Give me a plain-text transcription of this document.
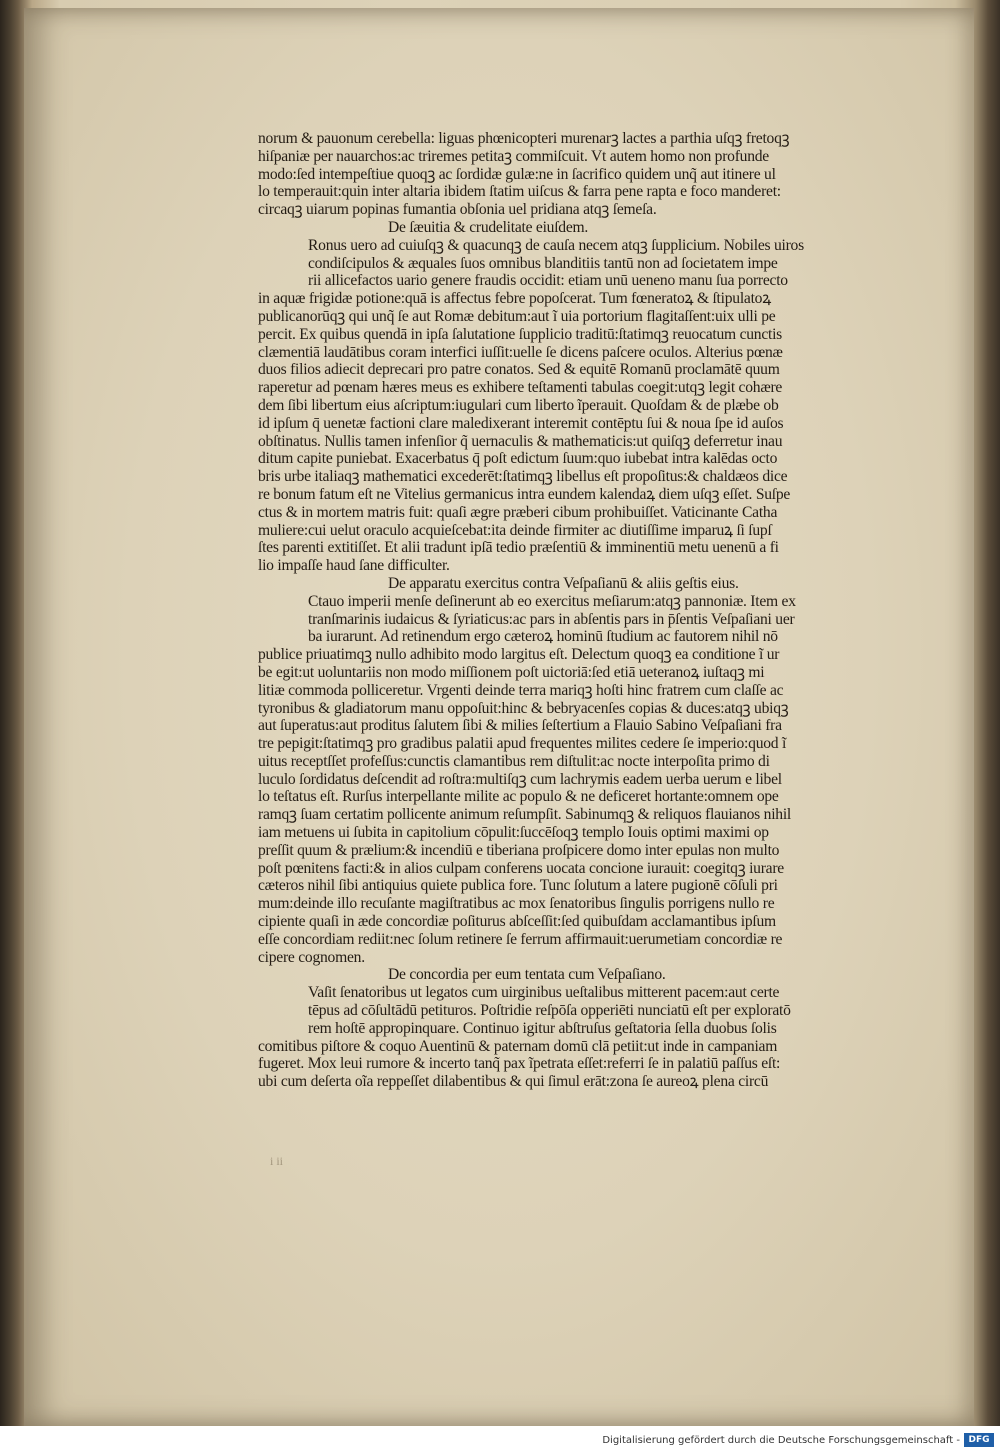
norum & pauonum cerebella: liguas phœnicopteri murenarꝫ lactes a parthia uſqꝫ fretoqꝫ
hiſpaniæ per nauarchos:ac triremes petitaꝫ commiſcuit. Vt autem homo non profunde
modo:ſed intempeſtiue quoqꝫ ac ſordidæ gulæ:ne in ſacrifico quidem unq̃ aut itinere ul
lo temperauit:quin inter altaria ibidem ſtatim uiſcus & farra pene rapta e foco manderet:
circaqꝫ uiarum popinas fumantia obſonia uel pridiana atqꝫ ſemeſa.
De ſæuitia & crudelitate eiuſdem.
Ronus uero ad cuiuſqꝫ & quacunqꝫ de cauſa necem atqꝫ ſupplicium. Nobiles uiros
condiſcipulos & æquales ſuos omnibus blanditiis tantū non ad ſocietatem impe
rii allicefactos uario genere fraudis occidit: etiam unū ueneno manu ſua porrecto
in aquæ frigidæ potione:quā is affectus febre popoſcerat. Tum fœneratoꝝ & ſtipulatoꝝ
publicanorūqꝫ qui unq̃ ſe aut Romæ debitum:aut ĩ uia portorium flagitaſſent:uix ulli pe
percit. Ex quibus quendā in ipſa ſalutatione ſupplicio traditū:ſtatimqꝫ reuocatum cunctis
clæmentiā laudātibus coram interfici iuſſit:uelle ſe dicens paſcere oculos. Alterius pœnæ
duos filios adiecit deprecari pro patre conatos. Sed & equitē Romanū proclamātē quum
raperetur ad pœnam hæres meus es exhibere teſtamenti tabulas coegit:utqꝫ legit cohære
dem ſibi libertum eius aſcriptum:iugulari cum liberto ĩperauit. Quoſdam & de plæbe ob
id ipſum q̄ uenetæ factioni clare maledixerant interemit contēptu ſui & noua ſpe id auſos
obſtinatus. Nullis tamen infenſior q̃ uernaculis & mathematicis:ut quiſqꝫ deferretur inau
ditum capite puniebat. Exacerbatus q̄ poſt edictum ſuum:quo iubebat intra kalēdas octo
bris urbe italiaqꝫ mathematici excederēt:ſtatimqꝫ libellus eſt propoſitus:& chaldæos dice
re bonum fatum eſt ne Vitelius germanicus intra eundem kalendaꝝ diem uſqꝫ eſſet. Suſpe
ctus & in mortem matris fuit: quaſi ægre præberi cibum prohibuiſſet. Vaticinante Catha
muliere:cui uelut oraculo acquieſcebat:ita deinde firmiter ac diutiſſime imparuꝝ ſi ſupſ
ſtes parenti extitiſſet. Et alii tradunt ipſā tedio præſentiū & imminentiū metu uenenū a fi
lio impaſſe haud ſane difficulter.
De apparatu exercitus contra Veſpaſianū & aliis geſtis eius.
Ctauo imperii menſe deſinerunt ab eo exercitus meſiarum:atqꝫ pannoniæ. Item ex
tranſmarinis iudaicus & ſyriaticus:ac pars in abſentis pars in p̄ſentis Veſpaſiani uer
ba iurarunt. Ad retinendum ergo cæteroꝝ hominū ſtudium ac fautorem nihil nō
publice priuatimqꝫ nullo adhibito modo largitus eſt. Delectum quoqꝫ ea conditione ĩ ur
be egit:ut uoluntariis non modo miſſionem poſt uictoriā:ſed etiā ueteranoꝝ iuſtaqꝫ mi
litiæ commoda polliceretur. Vrgenti deinde terra mariqꝫ hoſti hinc fratrem cum claſſe ac
tyronibus & gladiatorum manu oppoſuit:hinc & bebryacenſes copias & duces:atqꝫ ubiqꝫ
aut ſuperatus:aut proditus ſalutem ſibi & milies ſeſtertium a Flauio Sabino Veſpaſiani fra
tre pepigit:ſtatimqꝫ pro gradibus palatii apud frequentes milites cedere ſe imperio:quod ĩ
uitus receptſſet profeſſus:cunctis clamantibus rem diſtulit:ac nocte interpoſita primo di
luculo ſordidatus deſcendit ad roſtra:multiſqꝫ cum lachrymis eadem uerba uerum e libel
lo teſtatus eſt. Rurſus interpellante milite ac populo & ne deficeret hortante:omnem ope
ramqꝫ ſuam certatim pollicente animum reſumpſit. Sabinumqꝫ & reliquos flauianos nihil
iam metuens ui ſubita in capitolium cōpulit:ſuccēſoqꝫ templo Iouis optimi maximi op
preſſit quum & prælium:& incendiū e tiberiana proſpicere domo inter epulas non multo
poſt pœnitens facti:& in alios culpam conferens uocata concione iurauit: coegitqꝫ iurare
cæteros nihil ſibi antiquius quiete publica fore. Tunc ſolutum a latere pugionē cōſuli pri
mum:deinde illo recuſante magiſtratibus ac mox ſenatoribus ſingulis porrigens nullo re
cipiente quaſi in æde concordiæ poſiturus abſceſſit:ſed quibuſdam acclamantibus ipſum
eſſe concordiam rediit:nec ſolum retinere ſe ferrum affirmauit:uerumetiam concordiæ re
cipere cognomen.
De concordia per eum tentata cum Veſpaſiano.
Vaſit ſenatoribus ut legatos cum uirginibus ueſtalibus mitterent pacem:aut certe
tēpus ad cōſultādū petituros. Poſtridie reſpōſa opperiēti nunciatū eſt per exploratō
rem hoſtē appropinquare. Continuo igitur abſtruſus geſtatoria ſella duobus ſolis
comitibus piſtore & coquo Auentinū & paternam domū clā petiit:ut inde in campaniam
fugeret. Mox leui rumore & incerto tanq̃ pax ĩpetrata eſſet:referri ſe in palatiū paſſus eſt:
ubi cum deſerta oĩa reppeſſet dilabentibus & qui ſimul erāt:zona ſe aureoꝝ plena circū
i ii
Digitalisierung gefördert durch die Deutsche Forschungsgemeinschaft - DFG
